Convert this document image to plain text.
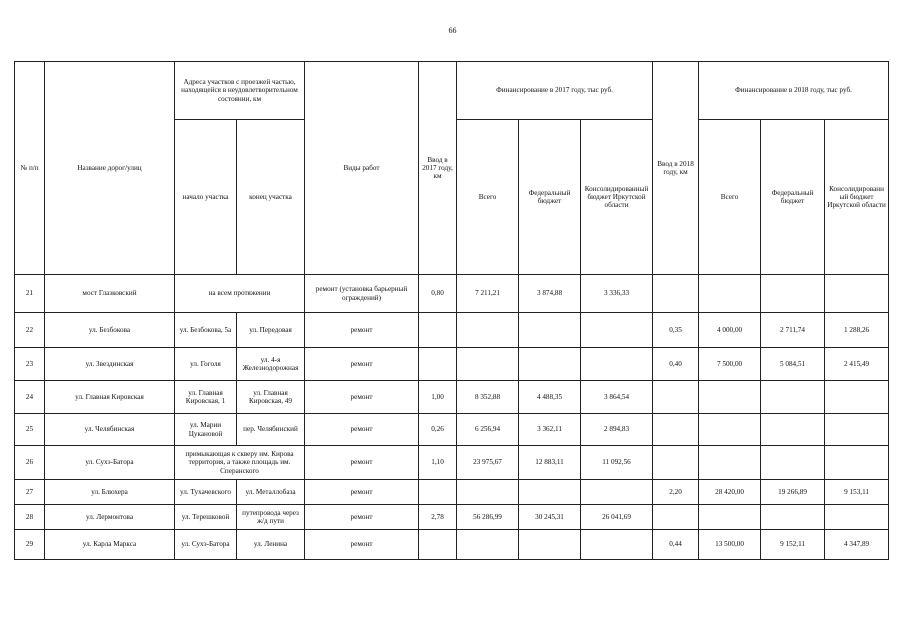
66
№ п/п	Название дорог/улиц	Адреса участков с проезжей частью, находящейся в неудовлетворительном состоянии, км		Виды работ	Ввод в 2017 году, км	Финансирование в 2017 году, тыс руб.			Ввод в 2018 году, км	Финансирование в 2018 году, тыс руб.		
		начало участка	конец участка			Всего	Федеральный бюджет	Консолидированный бюджет Иркутской области		Всего	Федеральный бюджет	Консолидированный бюджет Иркутской области
21	мост Глазковский	на всем протяжении		ремонт (установка барьерный ограждений)	0,80	7 211,21	3 874,88	3 336,33				
22	ул. Безбокова	ул. Безбокова, 5а	ул. Передовая	ремонт					0,35	4 000,00	2 711,74	1 288,26
23	ул. Звездинская	ул. Гоголя	ул. 4-я Железнодорожная	ремонт					0,40	7 500,00	5 084,51	2 415,49
24	ул. Главная Кировская	ул. Главная Кировская, 1	ул. Главная Кировская, 49	ремонт	1,00	8 352,88	4 488,35	3 864,54				
25	ул. Челябинская	ул. Марии Цукановой	пер. Челябинский	ремонт	0,26	6 256,94	3 362,11	2 894,83				
26	ул. Сухэ-Батора	примыкающая к скверу им. Кирова территория, а также площадь им. Сперанского		ремонт	1,10	23 975,67	12 883,11	11 092,56				
27	ул. Блюхера	ул. Тухачевского	ул. Металлобаза	ремонт					2,20	28 420,00	19 266,89	9 153,11
28	ул. Лермонтова	ул. Терешковой	путепровода через ж/д пути	ремонт	2,78	56 286,99	30 245,31	26 041,69				
29	ул. Карла Маркса	ул. Сухэ-Батора	ул. Ленина	ремонт					0,44	13 500,00	9 152,11	4 347,89
